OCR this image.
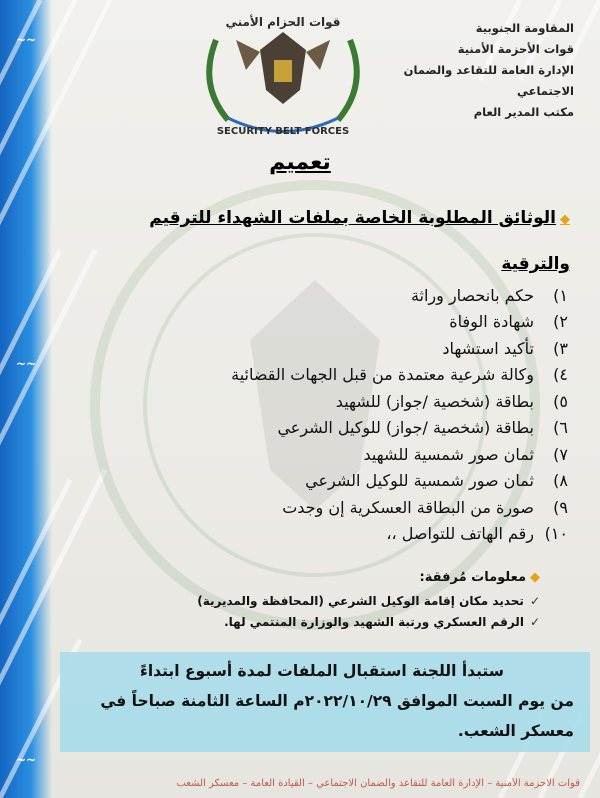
~~
~~
~~
قوات الحزام الأمني
SECURITY BELT FORCES
المقاومة الجنوبية
قوات الأحزمة الأمنية
الإدارة العامة للتقاعد والضمان الاجتماعي
مكتب المدير العام
تعميم
◆الوثائق المطلوبة الخاصة بملفات الشهداء للترقيم
والترقية
١)
حكم بانحصار وراثة
٢)
شهادة الوفاة
٣)
تأكيد استشهاد
٤)
وكالة شرعية معتمدة من قبل الجهات القضائية
٥)
بطاقة (شخصية /جواز) للشهيد
٦)
بطاقة (شخصية /جواز) للوكيل الشرعي
٧)
ثمان صور شمسية للشهيد
٨)
ثمان صور شمسية للوكيل الشرعي
٩)
صورة من البطاقة العسكرية إن وجدت
١٠)
رقم الهاتف للتواصل ،،
◆معلومات مُرفقة:
✓
تحديد مكان إقامة الوكيل الشرعي (المحافظة والمديرية)
✓
الرقم العسكري ورتبة الشهيد والوزارة المنتمي لها.
ستبدأ اللجنة استقبال الملفات لمدة أسبوع ابتداءً
من يوم السبت الموافق ٢٠٢٢/١٠/٢٩م الساعة الثامنة صباحاً في
معسكر الشعب.
قوات الاحزمة الأمنية – الإدارة العامة للتقاعد والضمان الاجتماعي – القيادة العامة – معسكر الشعب
